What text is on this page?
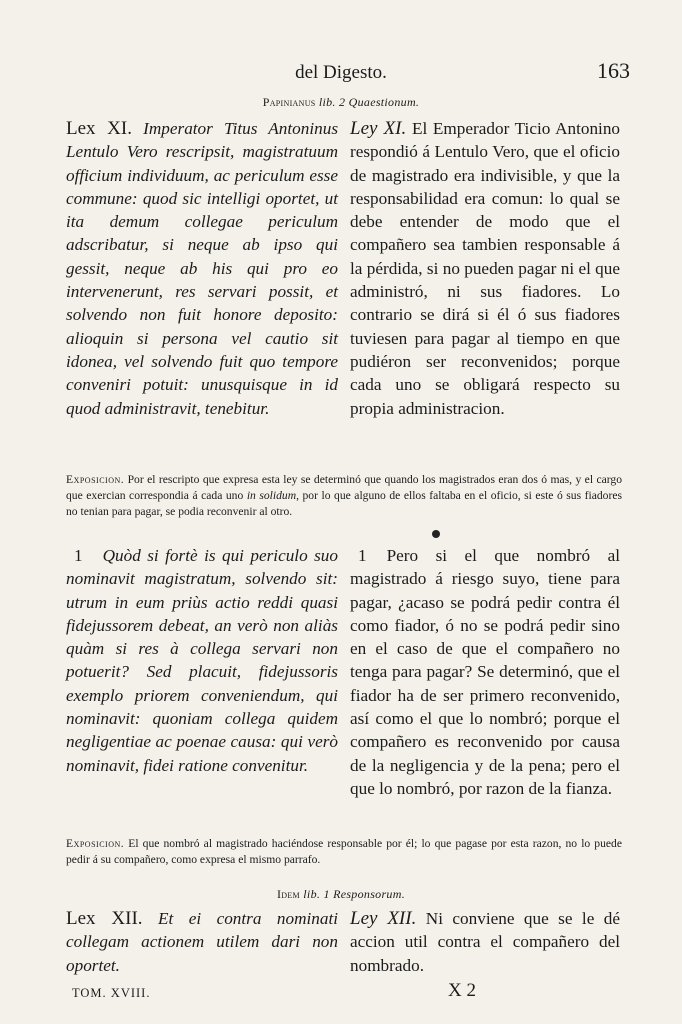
del Digesto.	163
Papinianus lib. 2 Quaestionum.
Lex XI. Imperator Titus Antoninus Lentulo Vero rescripsit, magistratuum officium individuum, ac periculum esse commune: quod sic intelligi oportet, ut ita demum collegae periculum adscribatur, si neque ab ipso qui gessit, neque ab his qui pro eo intervenerunt, res servari possit, et solvendo non fuit honore deposito: alioquin si persona vel cautio sit idonea, vel solvendo fuit quo tempore conveniri potuit: unusquisque in id quod administravit, tenebitur.
Ley XI. El Emperador Ticio Antonino respondió á Lentulo Vero, que el oficio de magistrado era indivisible, y que la responsabilidad era comun: lo qual se debe entender de modo que el compañero sea tambien responsable á la pérdida, si no pueden pagar ni el que administró, ni sus fiadores. Lo contrario se dirá si él ó sus fiadores tuviesen para pagar al tiempo en que pudiéron ser reconvenidos; porque cada uno se obligará respecto su propia administracion.
Exposicion. Por el rescripto que expresa esta ley se determinó que quando los magistrados eran dos ó mas, y el cargo que exercian correspondia á cada uno in solidum, por lo que alguno de ellos faltaba en el oficio, si este ó sus fiadores no tenian para pagar, se podia reconvenir al otro.
1 Quòd si fortè is qui periculo suo nominavit magistratum, solvendo sit: utrum in eum priùs actio reddi quasi fidejussorem debeat, an verò non aliàs quàm si res à collega servari non potuerit? Sed placuit, fidejussoris exemplo priorem conveniendum, qui nominavit: quoniam collega quidem negligentiae ac poenae causa: qui verò nominavit, fidei ratione convenitur.
1 Pero si el que nombró al magistrado á riesgo suyo, tiene para pagar, ¿acaso se podrá pedir contra él como fiador, ó no se podrá pedir sino en el caso de que el compañero no tenga para pagar? Se determinó, que el fiador ha de ser primero reconvenido, así como el que lo nombró; porque el compañero es reconvenido por causa de la negligencia y de la pena; pero el que lo nombró, por razon de la fianza.
Exposicion. El que nombró al magistrado haciéndose responsable por él; lo que pagase por esta razon, no lo puede pedir á su compañero, como expresa el mismo parrafo.
Idem lib. 1 Responsorum.
Lex XII. Et ei contra nominati collegam actionem utilem dari non oportet.
Ley XII. Ni conviene que se le dé accion util contra el compañero del nombrado.
TOM. XVIII.	X 2
